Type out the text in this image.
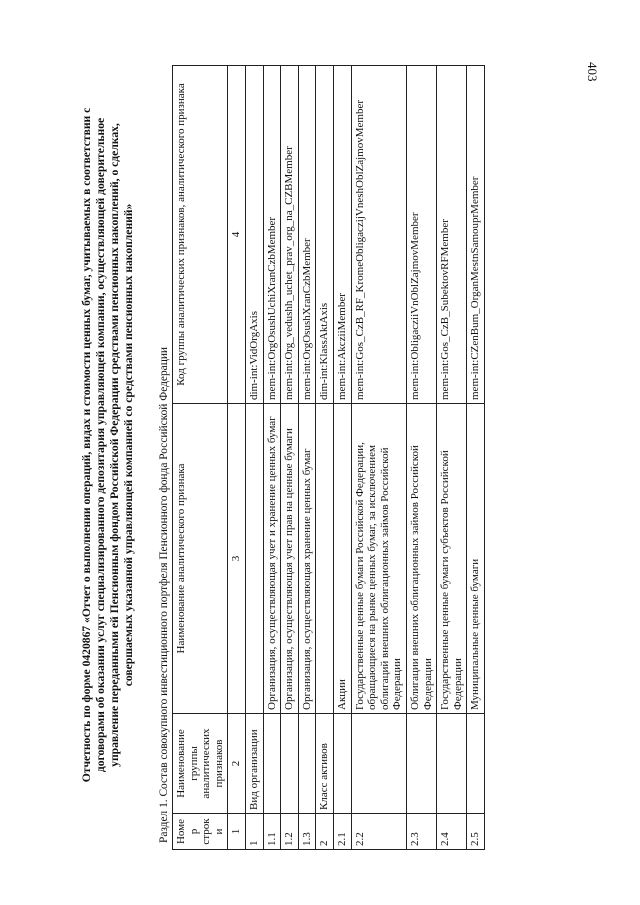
403
Отчетность по форме 0420867 «Отчет о выполнении операций, видах и стоимости ценных бумаг, учитываемых в соответствии с договорами об оказании услуг специализированного депозитария управляющей компании, осуществляющей доверительное управление переданными ей Пенсионным фондом Российской Федерации средствами пенсионных накоплений, о сделках, совершаемых указанной управляющей компанией со средствами пенсионных накоплений» Раздел 1. Состав совокупного инвестиционного портфеля Пенсионного фонда Российской Федерации Номер строки	Наименование группы аналитических признаков	Наименование аналитического признака	Код группы аналитических признаков, аналитического признака
1	2	3	4
1	Вид организации		dim-int:VidOrgAxis
1.1		Организация, осуществляющая учет и хранение ценных бумаг	mem-int:OrgOsushUchiXranCzbMember
1.2		Организация, осуществляющая учет прав на ценные бумаги	mem-int:Org_vedushh_uchet_prav_org_na_CZBMember
1.3		Организация, осуществляющая хранение ценных бумаг	mem-int:OrgOsushXranCzbMember
2	Класс активов		dim-int:KlassAktAxis
2.1		Акции	mem-int:AkcziiMember
2.2		Государственные ценные бумаги Российской Федерации, обращающиеся на рынке ценных бумаг, за исключением облигаций внешних облигационных займов Российской Федерации	mem-int:Gos_CzB_RF_KromeObligaczijVneshOblZajmovMember
2.3		Облигации внешних облигационных займов Российской Федерации	mem-int:ObligacziiVnOblZajmovMember
2.4		Государственные ценные бумаги субъектов Российской Федерации	mem-int:Gos_CzB_SubektovRFMember
2.5		Муниципальные ценные бумаги	mem-int:CZenBum_OrganMestnSamouprMember
